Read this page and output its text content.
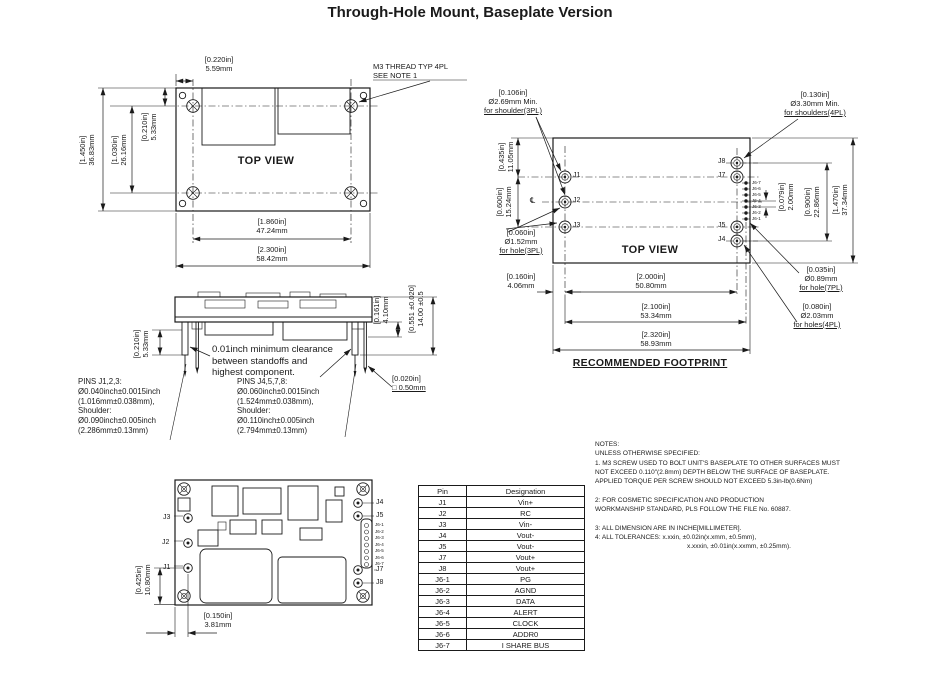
Through-Hole Mount, Baseplate Version
[0.220in]
5.59mm
[1.450in] 36.83mm [1.030in] 26.16mm
[0.210in] 5.33mm
[1.860in]
47.24mm
[2.300in]
58.42mm
M3 THREAD TYP 4PL
SEE NOTE 1
TOP VIEW
[0.106in]
Ø2.69mm Min.
for shoulder(3PL)
[0.130in]
Ø3.30mm Min.
for shoulders(4PL)
[0.435in] 11.05mm
[0.600in] 15.24mm ℄
[0.060in]
Ø1.52mm
for hole(3PL)
J1
J2
J3
J8
J7
J5
J4
J6-7
J6-6
J6-5
J6-4
J6-3
J6-2
J6-1
[0.160in]
4.06mm
[2.000in]
50.80mm
[2.100in]
53.34mm
[2.320in]
58.93mm
[0.079in] 2.00mm [0.900in] 22.86mm [1.470in] 37.34mm
[0.035in]
Ø0.89mm
for hole(7PL)
[0.080in]
Ø2.03mm
for holes(4PL)
TOP VIEW
RECOMMENDED FOOTPRINT
[0.210in] 5.33mm	0.01inch minimum clearance
between standoffs and
highest component.
[0.161in] 4.10mm [0.551 ±0.020] 14.00 ±0.5
[0.020in]
□ 0.50mm
PINS J1,2,3:
Ø0.040inch±0.0015inch
(1.016mm±0.038mm),
Shoulder:
Ø0.090inch±0.005inch
(2.286mm±0.13mm)
PINS J4,5,7,8:
Ø0.060inch±0.0015inch
(1.524mm±0.038mm),
Shoulder:
Ø0.110inch±0.005inch
(2.794mm±0.13mm)
J3
J2
J1
J4
J5
J6-1
J6-2
J6-3
J6-4
J6-5
J6-6
J6-7
J7
J8
[0.425in] 10.80mm
[0.150in]
3.81mm
Pin	Designation
J1	Vin+
J2	RC
J3	Vin-
J4	Vout-
J5	Vout-
J7	Vout+
J8	Vout+
J6-1	PG
J6-2	AGND
J6-3	DATA
J6-4	ALERT
J6-5	CLOCK
J6-6	ADDR0
J6-7	I SHARE BUS
NOTES:
UNLESS OTHERWISE SPECIFIED:
1. M3 SCREW USED TO BOLT UNIT'S BASEPLATE TO OTHER SURFACES MUST
NOT EXCEED 0.110"(2.8mm) DEPTH BELOW THE SURFACE OF BASEPLATE.
APPLIED TORQUE PER SCREW SHOULD NOT EXCEED 5.3in-lb(0.6Nm)
2: FOR COSMETIC SPECIFICATION AND PRODUCTION
WORKMANSHIP STANDARD, PLS FOLLOW THE FILE No. 60887.
3: ALL DIMENSION ARE IN INCHE[MILLIMETER].
4: ALL TOLERANCES: x.xxin, ±0.02in(x.xmm, ±0.5mm),
x.xxxin, ±0.01in(x.xxmm, ±0.25mm).
